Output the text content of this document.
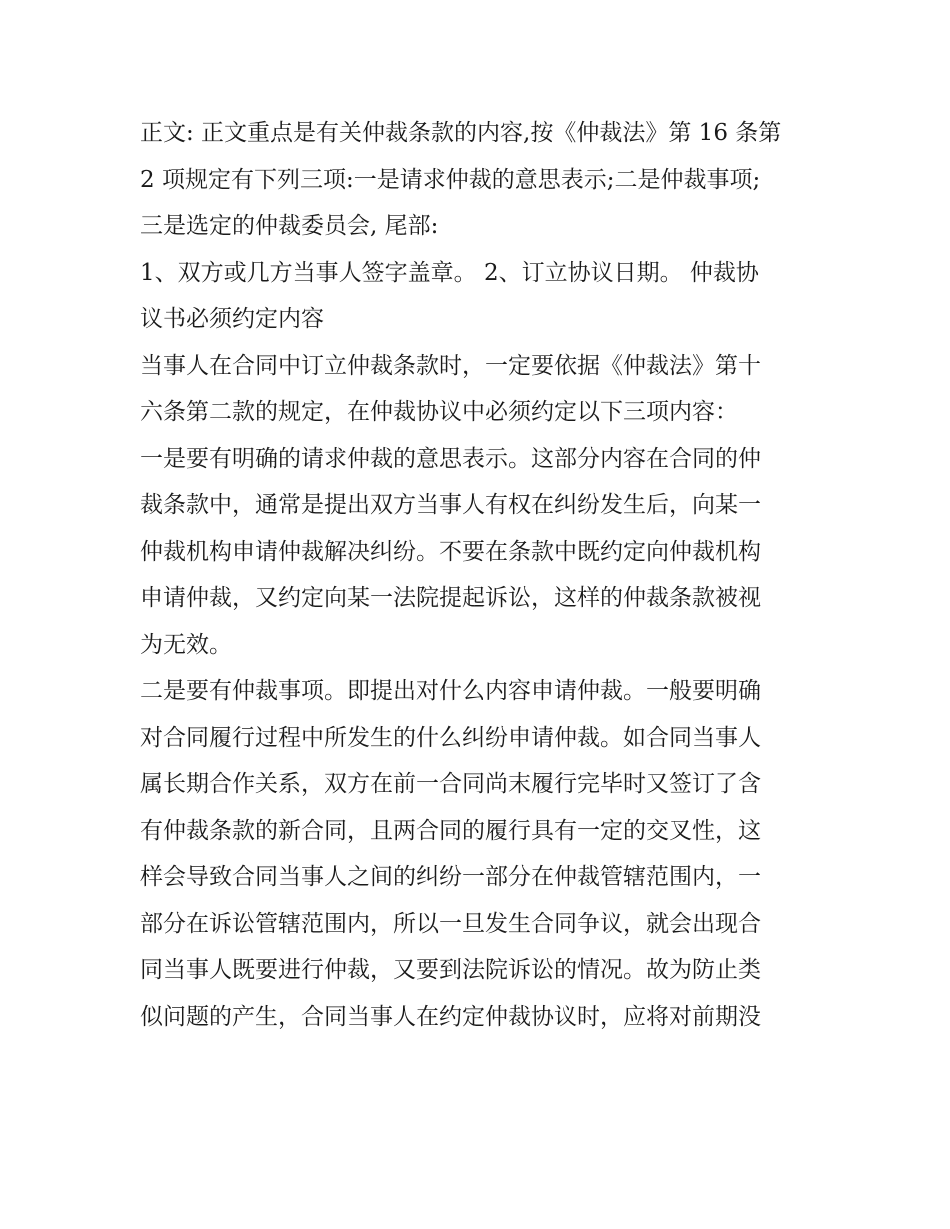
正文: 正文重点是有关仲裁条款的内容,按《仲裁法》第 16 条第
2 项规定有下列三项:一是请求仲裁的意思表示;二是仲裁事项;
三是选定的仲裁委员会, 尾部:
1、双方或几方当事人签字盖章。 2、订立协议日期。 仲裁协
议书必须约定内容
当事人在合同中订立仲裁条款时，一定要依据《仲裁法》第十
六条第二款的规定，在仲裁协议中必须约定以下三项内容：
一是要有明确的请求仲裁的意思表示。这部分内容在合同的仲
裁条款中，通常是提出双方当事人有权在纠纷发生后，向某一
仲裁机构申请仲裁解决纠纷。不要在条款中既约定向仲裁机构
申请仲裁，又约定向某一法院提起诉讼，这样的仲裁条款被视
为无效。
二是要有仲裁事项。即提出对什么内容申请仲裁。一般要明确
对合同履行过程中所发生的什么纠纷申请仲裁。如合同当事人
属长期合作关系，双方在前一合同尚末履行完毕时又签订了含
有仲裁条款的新合同，且两合同的履行具有一定的交叉性，这
样会导致合同当事人之间的纠纷一部分在仲裁管辖范围内，一
部分在诉讼管辖范围内，所以一旦发生合同争议，就会出现合
同当事人既要进行仲裁，又要到法院诉讼的情况。故为防止类
似问题的产生，合同当事人在约定仲裁协议时，应将对前期没
